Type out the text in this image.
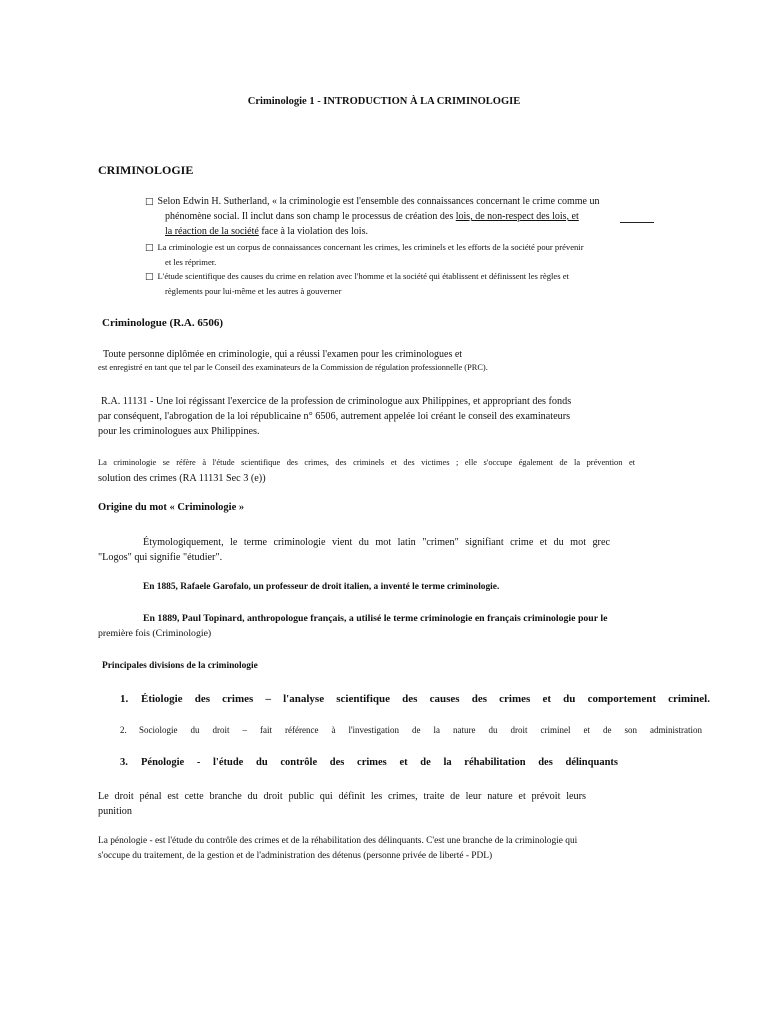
Criminologie 1 - INTRODUCTION À LA CRIMINOLOGIE
CRIMINOLOGIE
□ Selon Edwin H. Sutherland, « la criminologie est l'ensemble des connaissances concernant le crime comme un
phénomène social. Il inclut dans son champ le processus de création des lois, de non-respect des lois, et
la réaction de la société face à la violation des lois.
□ La criminologie est un corpus de connaissances concernant les crimes, les criminels et les efforts de la société pour prévenir
et les réprimer.
□ L'étude scientifique des causes du crime en relation avec l'homme et la société qui établissent et définissent les règles et
règlements pour lui-même et les autres à gouverner
Criminologue (R.A. 6506)
Toute personne diplômée en criminologie, qui a réussi l'examen pour les criminologues et
est enregistré en tant que tel par le Conseil des examinateurs de la Commission de régulation professionnelle (PRC).
R.A. 11131 - Une loi régissant l'exercice de la profession de criminologue aux Philippines, et appropriant des fonds
par conséquent, l'abrogation de la loi républicaine n° 6506, autrement appelée loi créant le conseil des examinateurs
pour les criminologues aux Philippines.
La criminologie se réfère à l'étude scientifique des crimes, des criminels et des victimes ; elle s'occupe également de la prévention et
solution des crimes (RA 11131 Sec 3 (e))
Origine du mot « Criminologie »
Étymologiquement, le terme criminologie vient du mot latin "crimen" signifiant crime et du mot grec
"Logos" qui signifie "étudier".
En 1885, Rafaele Garofalo, un professeur de droit italien, a inventé le terme criminologie.
En 1889, Paul Topinard, anthropologue français, a utilisé le terme criminologie en français criminologie pour le
première fois (Criminologie)
Principales divisions de la criminologie
1. Étiologie des crimes – l'analyse scientifique des causes des crimes et du comportement criminel.
2. Sociologie du droit – fait référence à l'investigation de la nature du droit criminel et de son administration
3. Pénologie - l'étude du contrôle des crimes et de la réhabilitation des délinquants
Le droit pénal est cette branche du droit public qui définit les crimes, traite de leur nature et prévoit leurs
punition
La pénologie - est l'étude du contrôle des crimes et de la réhabilitation des délinquants. C'est une branche de la criminologie qui
s'occupe du traitement, de la gestion et de l'administration des détenus (personne privée de liberté - PDL)
